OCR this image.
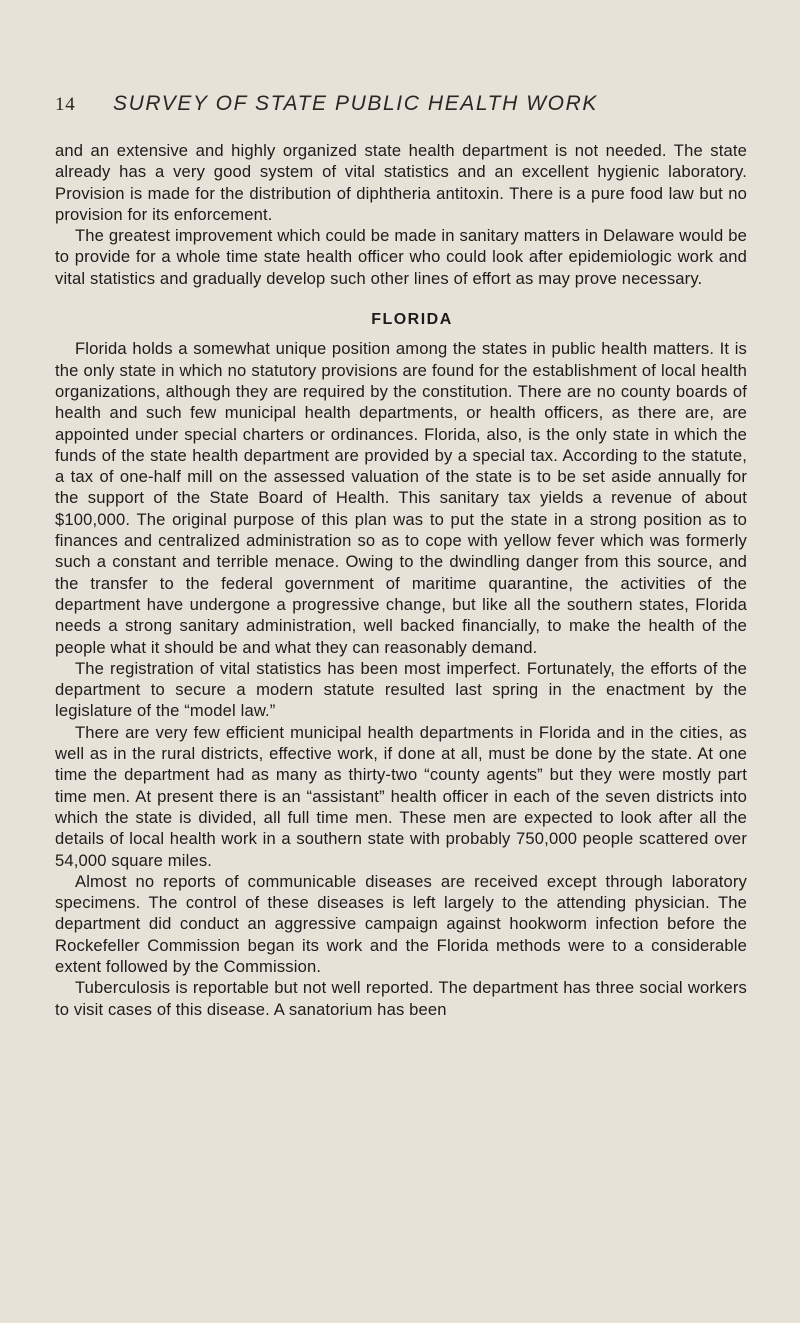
14	SURVEY OF STATE PUBLIC HEALTH WORK

and an extensive and highly organized state health department is not needed. The state already has a very good system of vital statistics and an excellent hygienic laboratory. Provision is made for the distribution of diphtheria antitoxin. There is a pure food law but no provision for its enforcement.

The greatest improvement which could be made in sanitary matters in Delaware would be to provide for a whole time state health officer who could look after epidemiologic work and vital statistics and gradually develop such other lines of effort as may prove necessary.

FLORIDA

Florida holds a somewhat unique position among the states in public health matters. It is the only state in which no statutory provisions are found for the establishment of local health organizations, although they are required by the constitution. There are no county boards of health and such few municipal health departments, or health officers, as there are, are appointed under special charters or ordinances. Florida, also, is the only state in which the funds of the state health department are provided by a special tax. According to the statute, a tax of one-half mill on the assessed valuation of the state is to be set aside annually for the support of the State Board of Health. This sanitary tax yields a revenue of about $100,000. The original purpose of this plan was to put the state in a strong position as to finances and centralized administration so as to cope with yellow fever which was formerly such a constant and terrible menace. Owing to the dwindling danger from this source, and the transfer to the federal government of maritime quarantine, the activities of the department have undergone a progressive change, but like all the southern states, Florida needs a strong sanitary administration, well backed financially, to make the health of the people what it should be and what they can reasonably demand.

The registration of vital statistics has been most imperfect. Fortunately, the efforts of the department to secure a modern statute resulted last spring in the enactment by the legislature of the “model law.”

There are very few efficient municipal health departments in Florida and in the cities, as well as in the rural districts, effective work, if done at all, must be done by the state. At one time the department had as many as thirty-two “county agents” but they were mostly part time men. At present there is an “assistant” health officer in each of the seven districts into which the state is divided, all full time men. These men are expected to look after all the details of local health work in a southern state with probably 750,000 people scattered over 54,000 square miles.

Almost no reports of communicable diseases are received except through laboratory specimens. The control of these diseases is left largely to the attending physician. The department did conduct an aggressive campaign against hookworm infection before the Rockefeller Commission began its work and the Florida methods were to a considerable extent followed by the Commission.

Tuberculosis is reportable but not well reported. The department has three social workers to visit cases of this disease. A sanatorium has been
